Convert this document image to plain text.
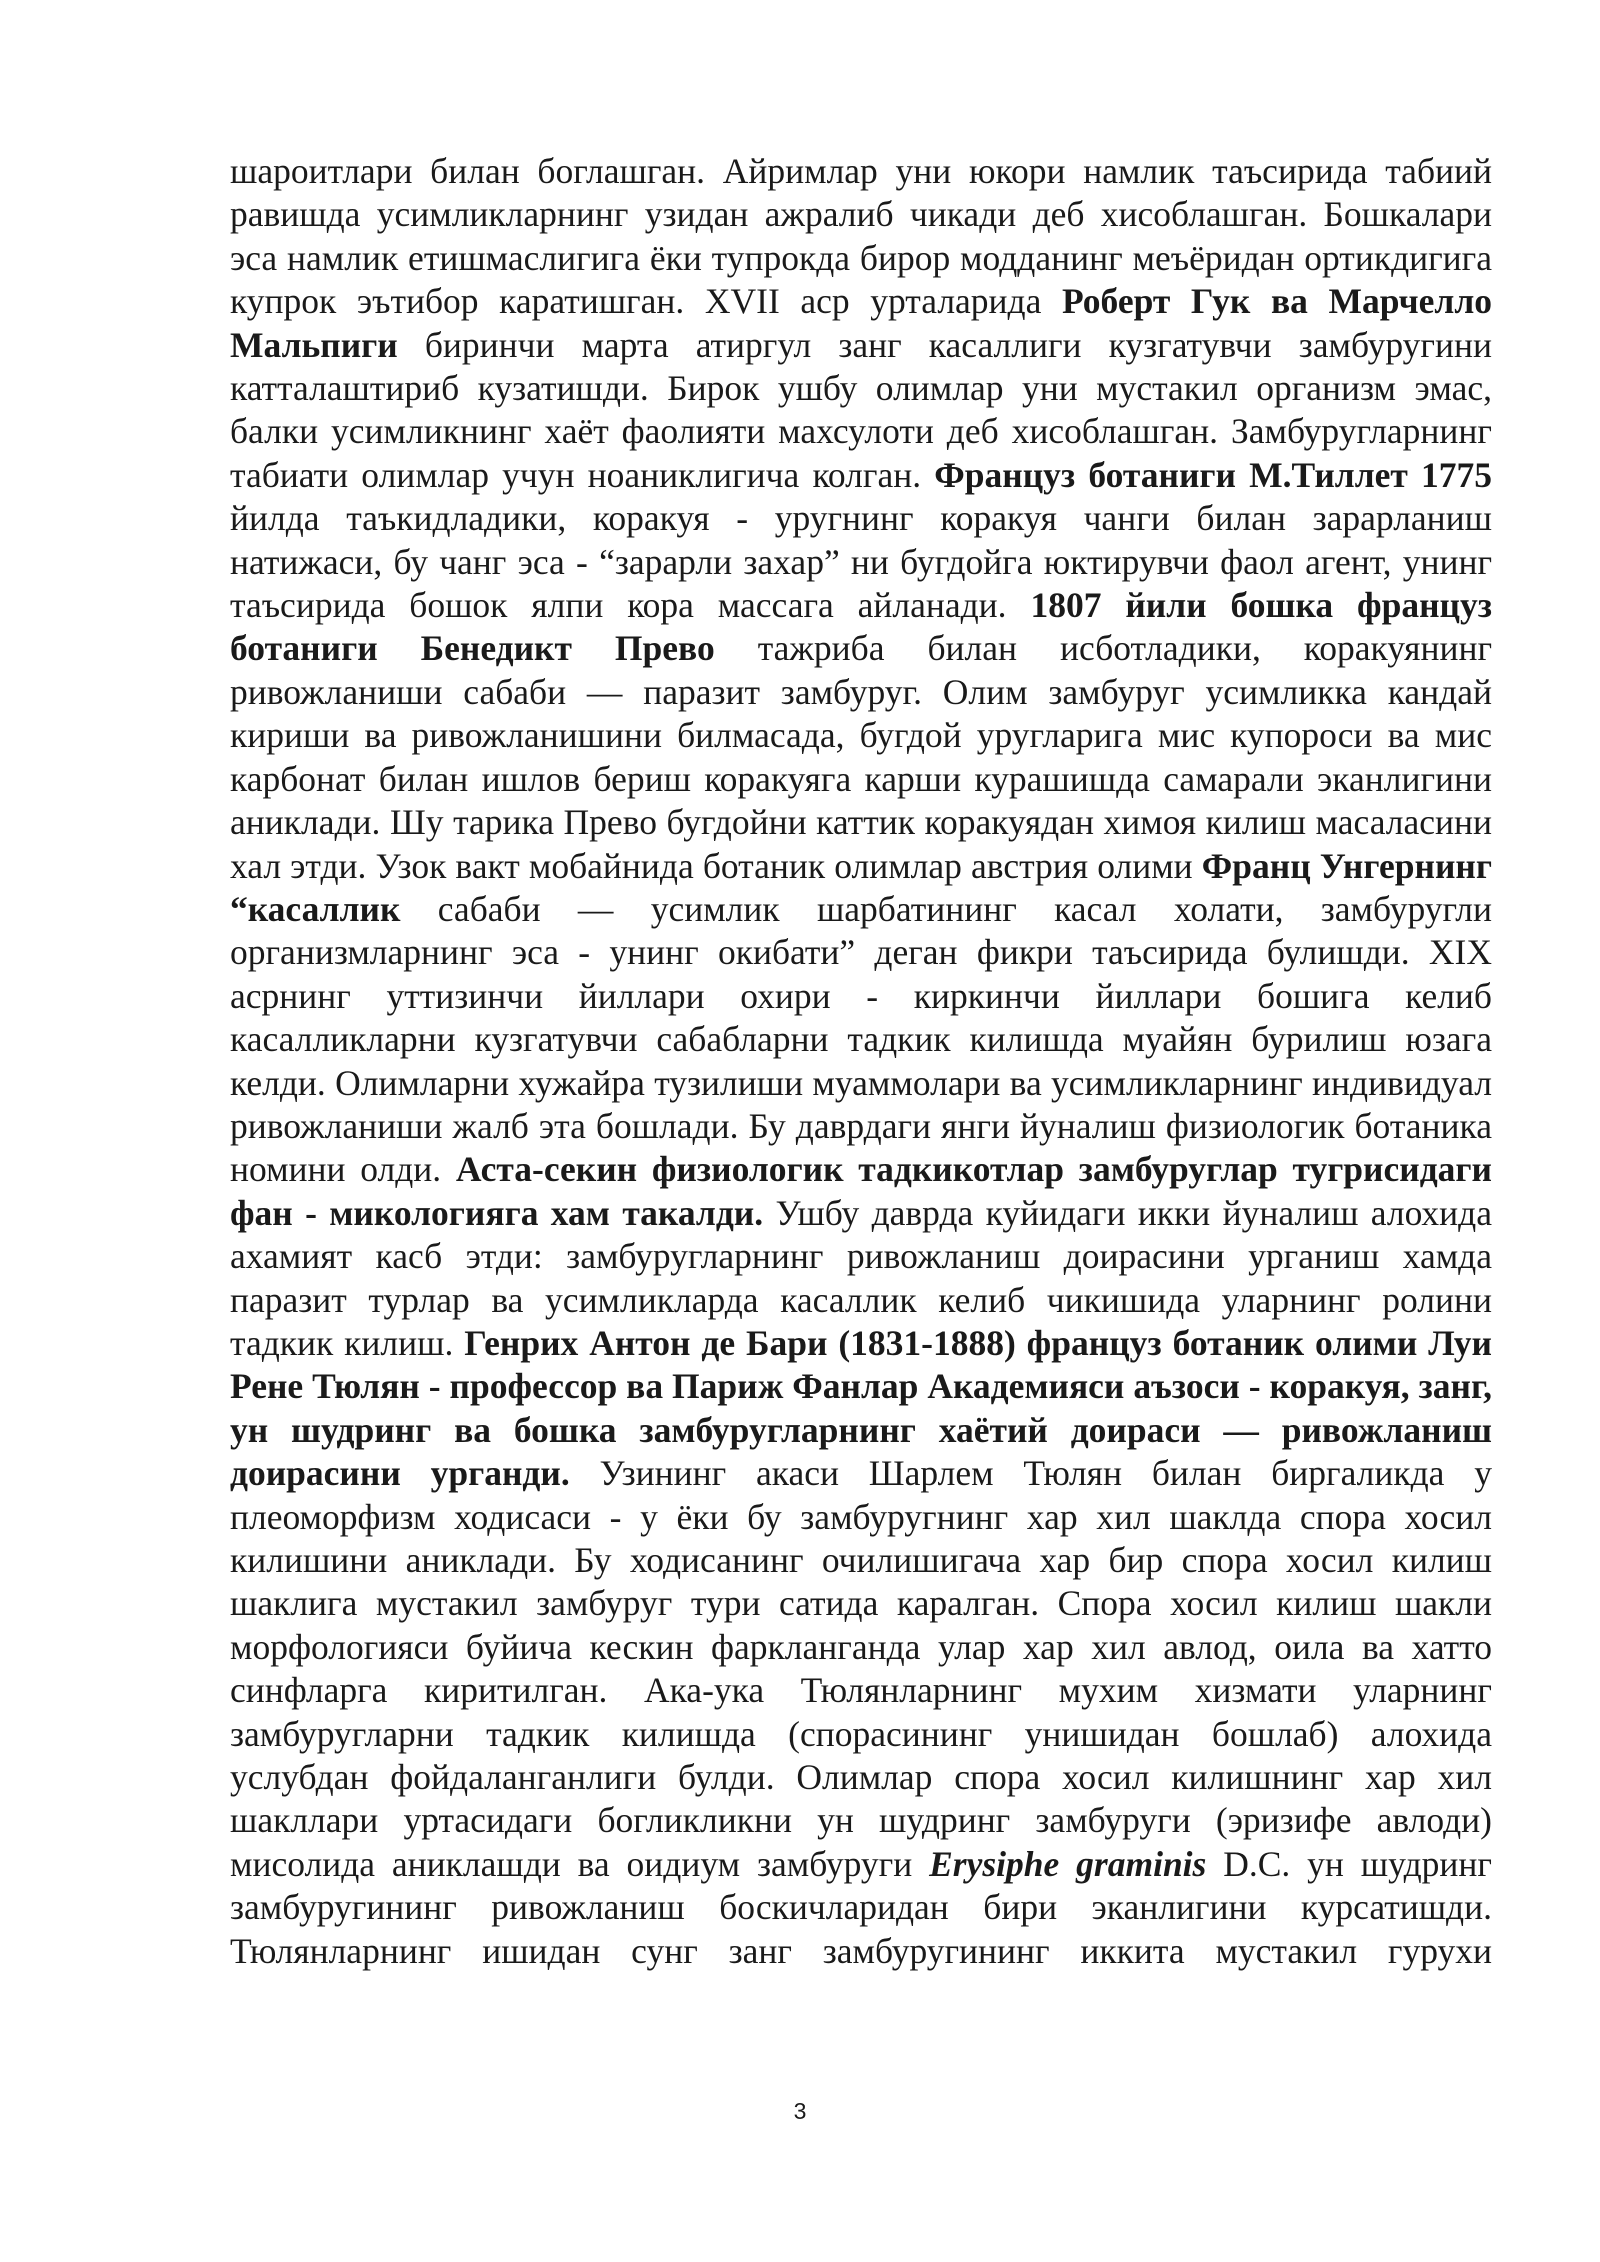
шароитлари билан боглашган. Айримлар уни юкори намлик таъсирида табиий равишда усимликларнинг узидан ажралиб чикади деб хисоблашган. Бошкалари эса намлик етишмаслигига ёки тупрокда бирор модданинг меъёридан ортикдигига купрок эътибор каратишган. XVII аср урталарида Роберт Гук ва Марчелло Мальпиги биринчи марта атиргул занг касаллиги кузгатувчи замбуругини катталаштириб кузатишди. Бирок ушбу олимлар уни мустакил организм эмас, балки усимликнинг хаёт фаолияти махсулоти деб хисоблашган. Замбуругларнинг табиати олимлар учун ноаниклигича колган. Француз ботаниги М.Тиллет 1775 йилда таъкидладики, коракуя - уругнинг коракуя чанги билан зарарланиш натижаси, бу чанг эса - “зарарли захар” ни бугдойга юктирувчи фаол агент, унинг таъсирида бошок ялпи кора массага айланади. 1807 йили бошка француз ботаниги Бенедикт Прево тажриба билан исботладики, коракуянинг ривожланиши сабаби — паразит замбуруг. Олим замбуруг усимликка кандай кириши ва ривожланишини билмасада, бугдой уругларига мис купороси ва мис карбонат билан ишлов бериш коракуяга карши курашишда самарали эканлигини аниклади. Шу тарика Прево бугдойни каттик коракуядан химоя килиш масаласини хал этди. Узок вакт мобайнида ботаник олимлар австрия олими Франц Унгернинг “касаллик сабаби — усимлик шарбатининг касал холати, замбуругли организмларнинг эса - унинг окибати” деган фикри таъсирида булишди. XIX асрнинг уттизинчи йиллари охири - киркинчи йиллари бошига келиб касалликларни кузгатувчи сабабларни тадкик килишда муайян бурилиш юзага келди. Олимларни хужайра тузилиши муаммолари ва усимликларнинг индивидуал ривожланиши жалб эта бошлади. Бу даврдаги янги йуналиш физиологик ботаника номини олди. Аста-секин физиологик тадкикотлар замбуруглар тугрисидаги фан - микологияга хам такалди. Ушбу даврда куйидаги икки йуналиш алохида ахамият касб этди: замбуругларнинг ривожланиш доирасини урганиш хамда паразит турлар ва усимликларда касаллик келиб чикишида уларнинг ролини тадкик килиш. Генрих Антон де Бари (1831-1888) француз ботаник олими Луи Рене Тюлян - профессор ва Париж Фанлар Академияси аъзоси - коракуя, занг, ун шудринг ва бошка замбуругларнинг хаётий доираси — ривожланиш доирасини урганди. Узининг акаси Шарлем Тюлян билан биргаликда у плеоморфизм ходисаси - у ёки бу замбуругнинг хар хил шаклда спора хосил килишини аниклади. Бу ходисанинг очилишигача хар бир спора хосил килиш шаклига мустакил замбуруг тури сатида каралган. Спора хосил килиш шакли морфологияси буйича кескин фаркланганда улар хар хил авлод, оила ва хатто синфларга киритилган. Ака-ука Тюлянларнинг мухим хизмати уларнинг замбуругларни тадкик килишда (спорасининг унишидан бошлаб) алохида услубдан фойдаланганлиги булди. Олимлар спора хосил килишнинг хар хил шакллари уртасидаги богликликни ун шудринг замбуруги (эризифе авлоди) мисолида аниклашди ва оидиум замбуруги Erysiphe graminis D.C. ун шудринг замбуругининг ривожланиш боскичларидан бири эканлигини курсатишди. Тюлянларнинг ишидан сунг занг замбуругининг иккита мустакил гурухи
3
